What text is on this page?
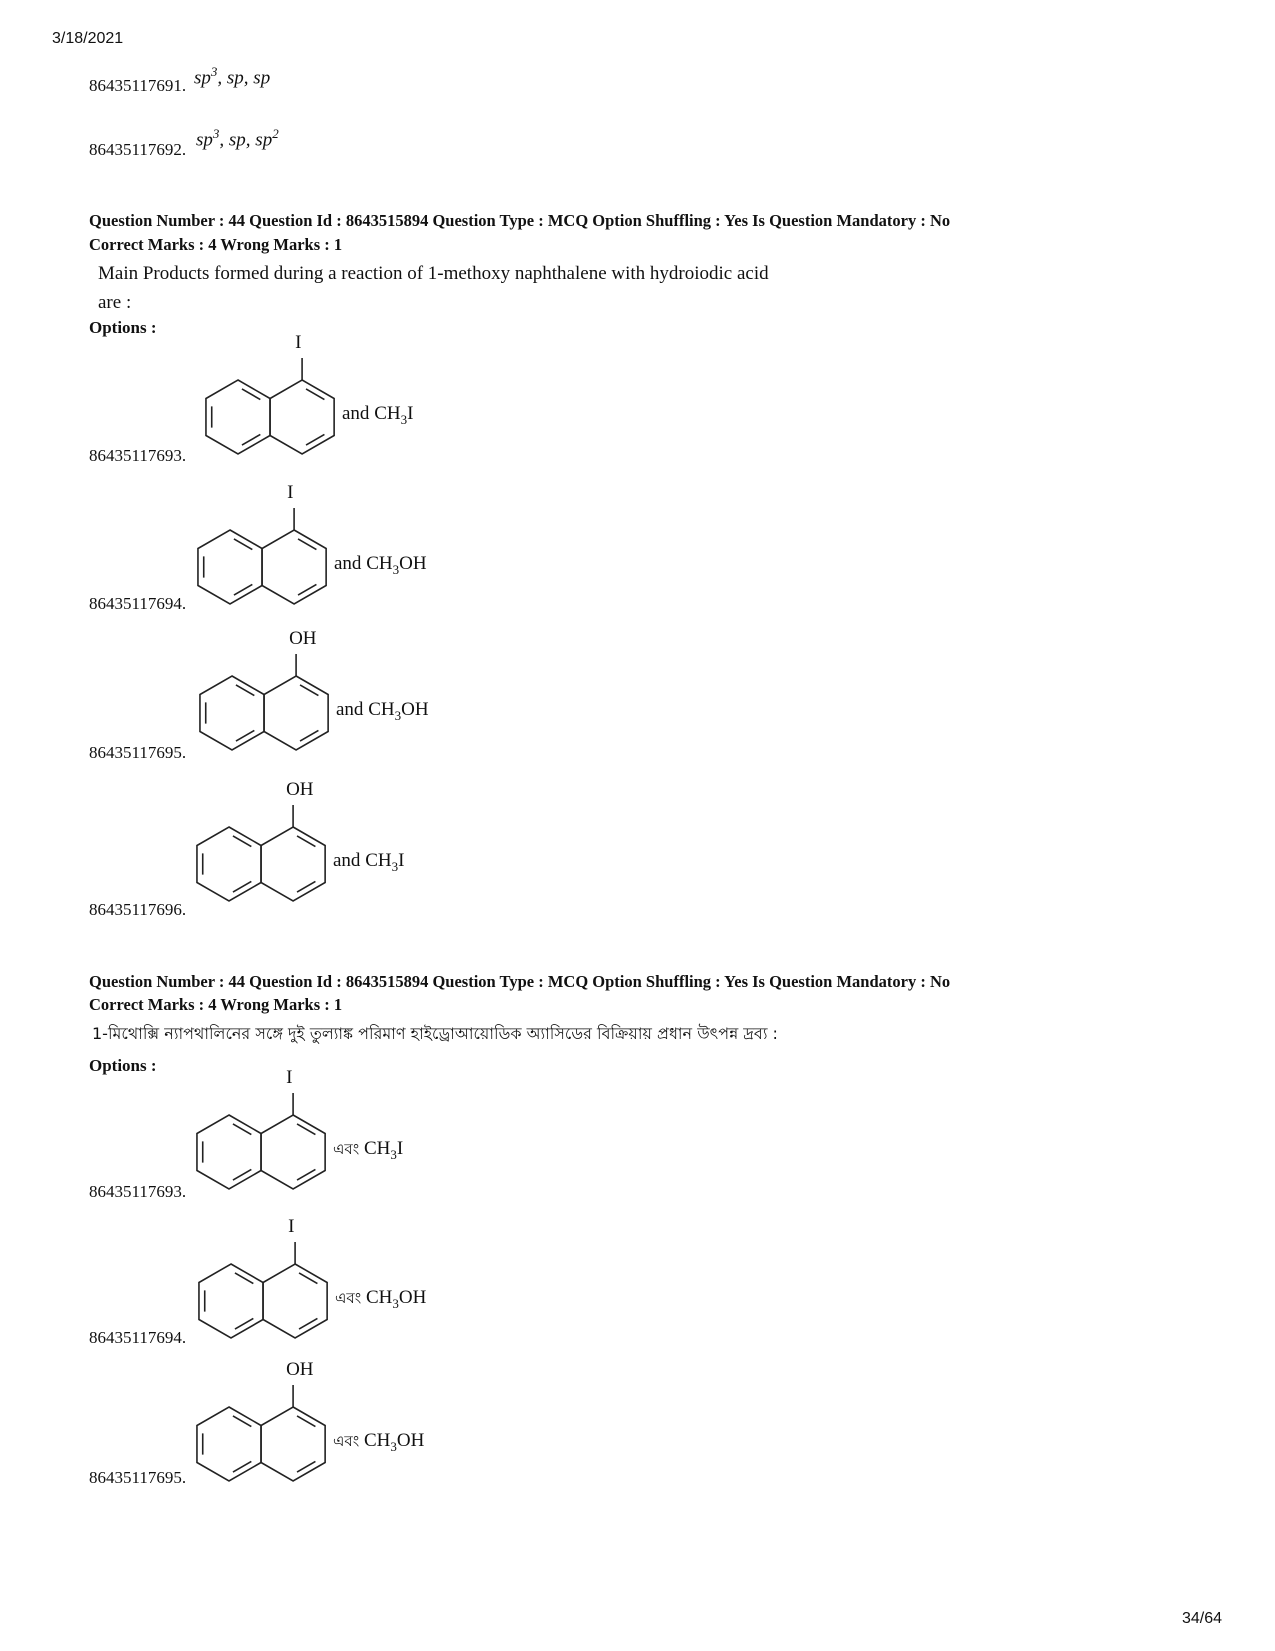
3/18/2021
86435117691. $sp^3$, sp, sp
86435117692. $sp^3$, sp, $sp^2$
Question Number : 44 Question Id : 8643515894 Question Type : MCQ Option Shuffling : Yes Is Question Mandatory : No
Correct Marks : 4 Wrong Marks : 1
Main Products formed during a reaction of 1-methoxy naphthalene with hydroiodic acid
are :
Options :
Question Number : 44 Question Id : 8643515894 Question Type : MCQ Option Shuffling : Yes Is Question Mandatory : No
Correct Marks : 4 Wrong Marks : 1
1-মিথোক্সি ন্যাপথালিনের সঙ্গে দুই তুল্যাঙ্ক পরিমাণ হাইড্রোআয়োডিক অ্যাসিডের বিক্রিয়ায় প্রধান উৎপন্ন দ্রব্য :
Options :
34/64
86435117693.
I
and $CH_3I$
86435117694.
I
and $CH_3OH$
86435117695.
OH
and $CH_3OH$
86435117696.
OH
and $CH_3I$
86435117693.
I
এবং $CH_3I$
86435117694.
I
এবং $CH_3OH$
86435117695.
OH
এবং $CH_3OH$
